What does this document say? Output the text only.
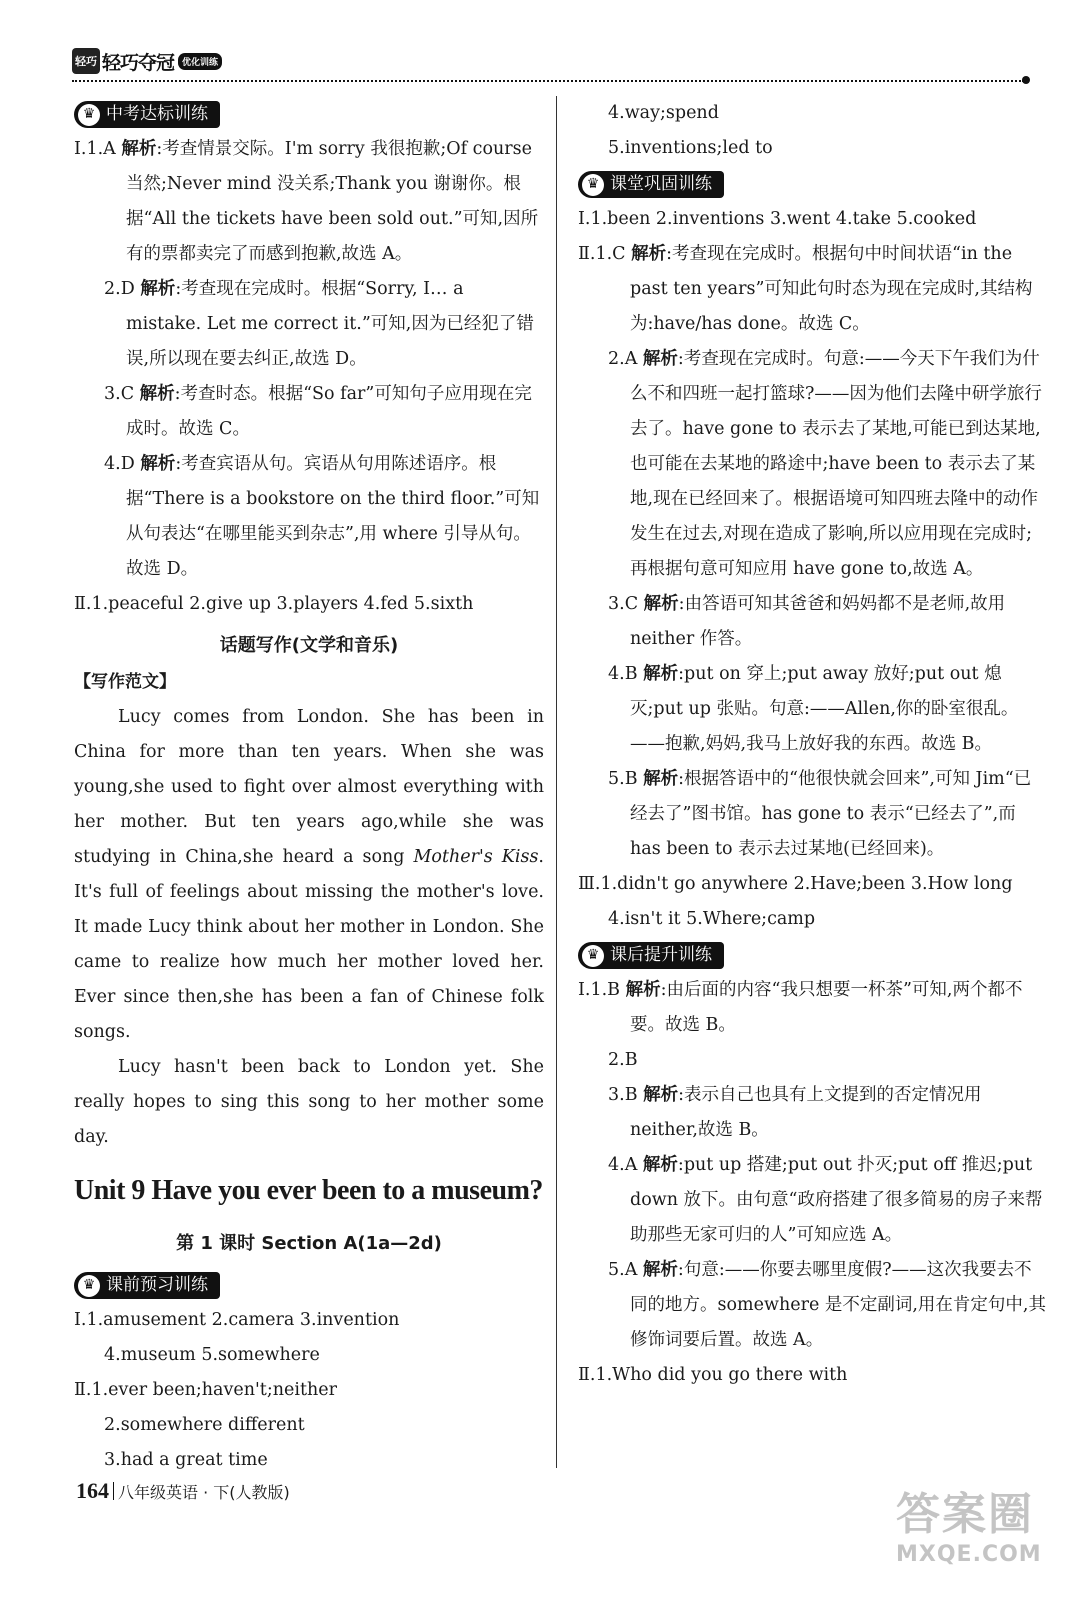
轻巧 轻巧夺冠 优化训练
♛ 中考达标训练
Ⅰ.1.A 解析:考查情景交际。I'm sorry 我很抱歉;Of course 当然;Never mind 没关系;Thank you 谢谢你。根据“All the tickets have been sold out.”可知,因所有的票都卖完了而感到抱歉,故选 A。
2.D 解析:考查现在完成时。根据“Sorry, I… a mistake. Let me correct it.”可知,因为已经犯了错误,所以现在要去纠正,故选 D。
3.C 解析:考查时态。根据“So far”可知句子应用现在完成时。故选 C。
4.D 解析:考查宾语从句。宾语从句用陈述语序。根据“There is a bookstore on the third floor.”可知从句表达“在哪里能买到杂志”,用 where 引导从句。故选 D。
Ⅱ.1.peaceful 2.give up 3.players 4.fed 5.sixth
话题写作(文学和音乐)
【写作范文】
Lucy comes from London. She has been in China for more than ten years. When she was young,she used to fight over almost everything with her mother. But ten years ago,while she was studying in China,she heard a song Mother's Kiss. It's full of feelings about missing the mother's love. It made Lucy think about her mother in London. She came to realize how much her mother loved her. Ever since then,she has been a fan of Chinese folk songs.
Lucy hasn't been back to London yet. She really hopes to sing this song to her mother some day.
Unit 9 Have you ever been to a museum?
第 1 课时 Section A(1a—2d)
♛ 课前预习训练
Ⅰ.1.amusement 2.camera 3.invention
4.museum 5.somewhere
Ⅱ.1.ever been;haven't;neither
2.somewhere different
3.had a great time
4.way;spend
5.inventions;led to
♛ 课堂巩固训练
Ⅰ.1.been 2.inventions 3.went 4.take 5.cooked
Ⅱ.1.C 解析:考查现在完成时。根据句中时间状语“in the past ten years”可知此句时态为现在完成时,其结构为:have/has done。故选 C。
2.A 解析:考查现在完成时。句意:——今天下午我们为什么不和四班一起打篮球?——因为他们去隆中研学旅行去了。have gone to 表示去了某地,可能已到达某地,也可能在去某地的路途中;have been to 表示去了某地,现在已经回来了。根据语境可知四班去隆中的动作发生在过去,对现在造成了影响,所以应用现在完成时;再根据句意可知应用 have gone to,故选 A。
3.C 解析:由答语可知其爸爸和妈妈都不是老师,故用 neither 作答。
4.B 解析:put on 穿上;put away 放好;put out 熄灭;put up 张贴。句意:——Allen,你的卧室很乱。——抱歉,妈妈,我马上放好我的东西。故选 B。
5.B 解析:根据答语中的“他很快就会回来”,可知 Jim“已经去了”图书馆。has gone to 表示“已经去了”,而 has been to 表示去过某地(已经回来)。
Ⅲ.1.didn't go anywhere 2.Have;been 3.How long
4.isn't it 5.Where;camp
♛ 课后提升训练
Ⅰ.1.B 解析:由后面的内容“我只想要一杯茶”可知,两个都不要。故选 B。
2.B
3.B 解析:表示自己也具有上文提到的否定情况用 neither,故选 B。
4.A 解析:put up 搭建;put out 扑灭;put off 推迟;put down 放下。由句意“政府搭建了很多简易的房子来帮助那些无家可归的人”可知应选 A。
5.A 解析:句意:——你要去哪里度假?——这次我要去不同的地方。somewhere 是不定副词,用在肯定句中,其修饰词要后置。故选 A。
Ⅱ.1.Who did you go there with
164 八年级英语 · 下(人教版)	答案圈
MXQE.COM
